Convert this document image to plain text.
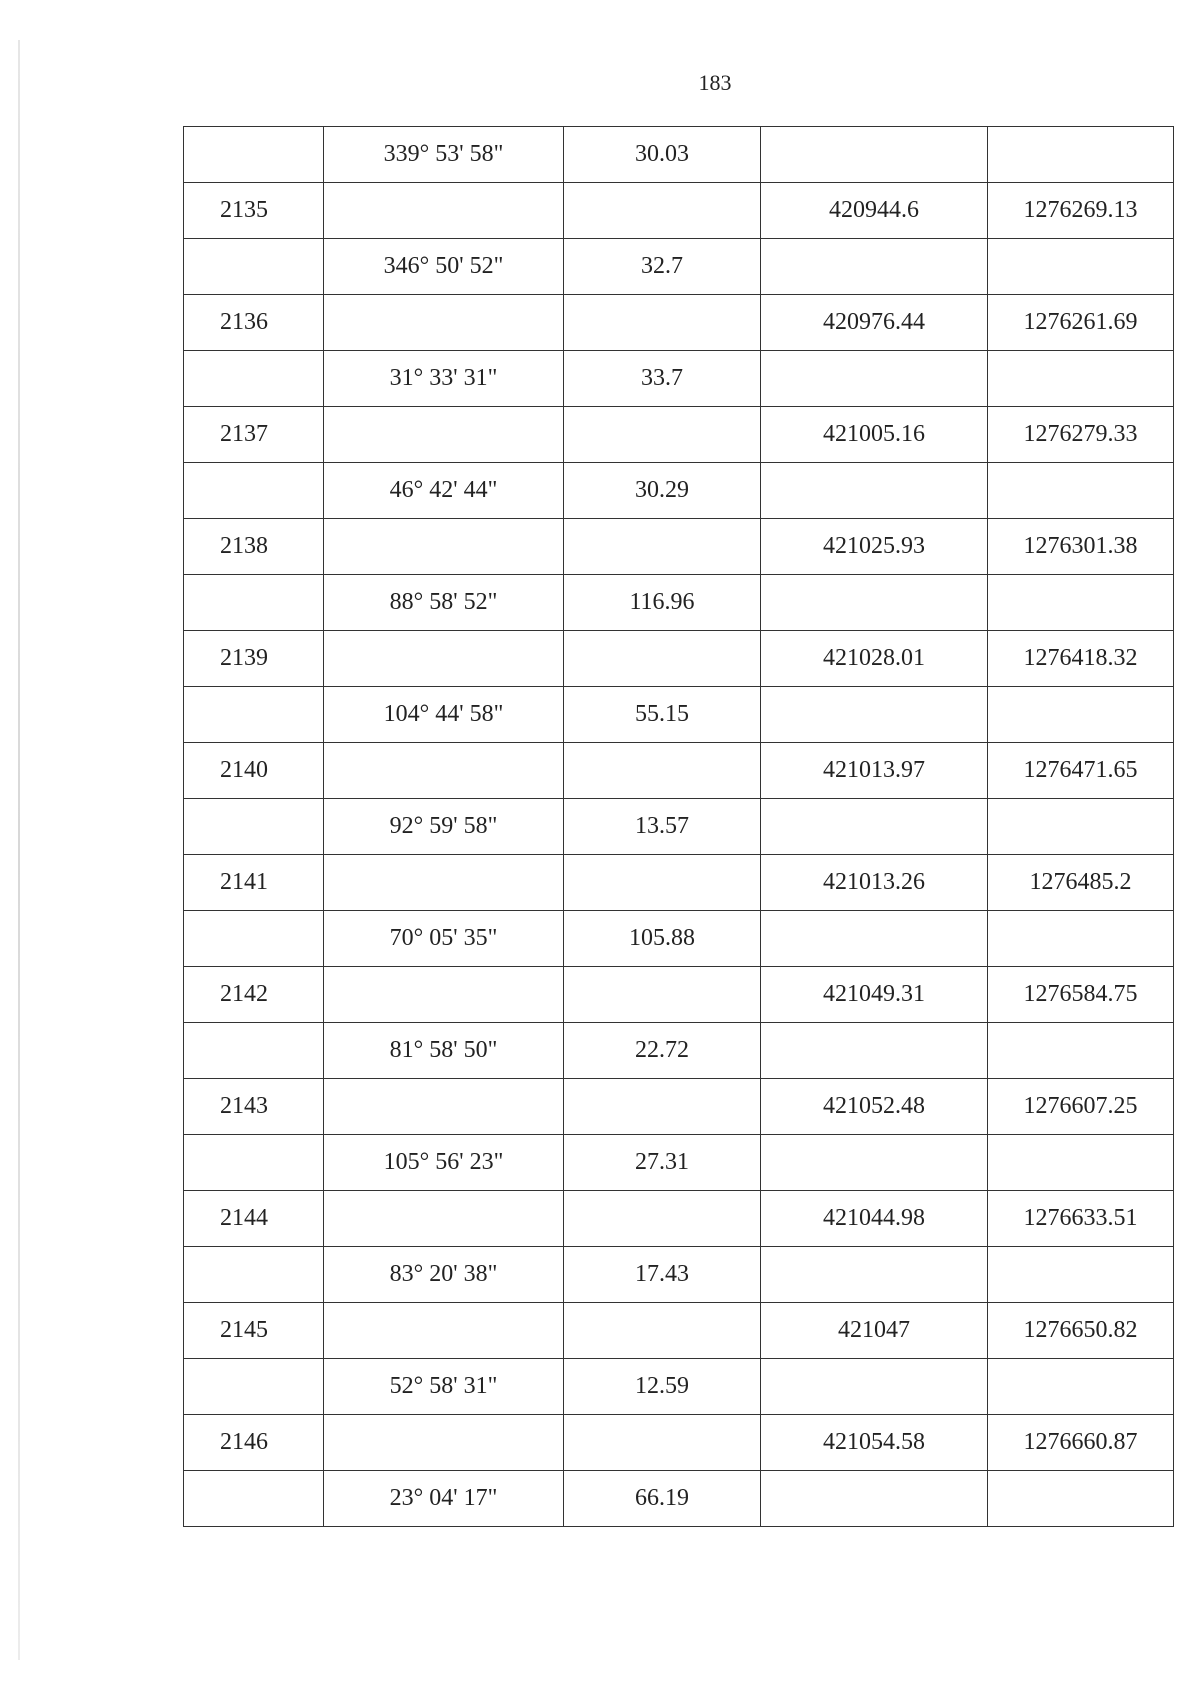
183
	339° 53' 58"	30.03		
2135			420944.6	1276269.13
	346° 50' 52"	32.7		
2136			420976.44	1276261.69
	31° 33' 31"	33.7		
2137			421005.16	1276279.33
	46° 42' 44"	30.29		
2138			421025.93	1276301.38
	88° 58' 52"	116.96		
2139			421028.01	1276418.32
	104° 44' 58"	55.15		
2140			421013.97	1276471.65
	92° 59' 58"	13.57		
2141			421013.26	1276485.2
	70° 05' 35"	105.88		
2142			421049.31	1276584.75
	81° 58' 50"	22.72		
2143			421052.48	1276607.25
	105° 56' 23"	27.31		
2144			421044.98	1276633.51
	83° 20' 38"	17.43		
2145			421047	1276650.82
	52° 58' 31"	12.59		
2146			421054.58	1276660.87
	23° 04' 17"	66.19		
